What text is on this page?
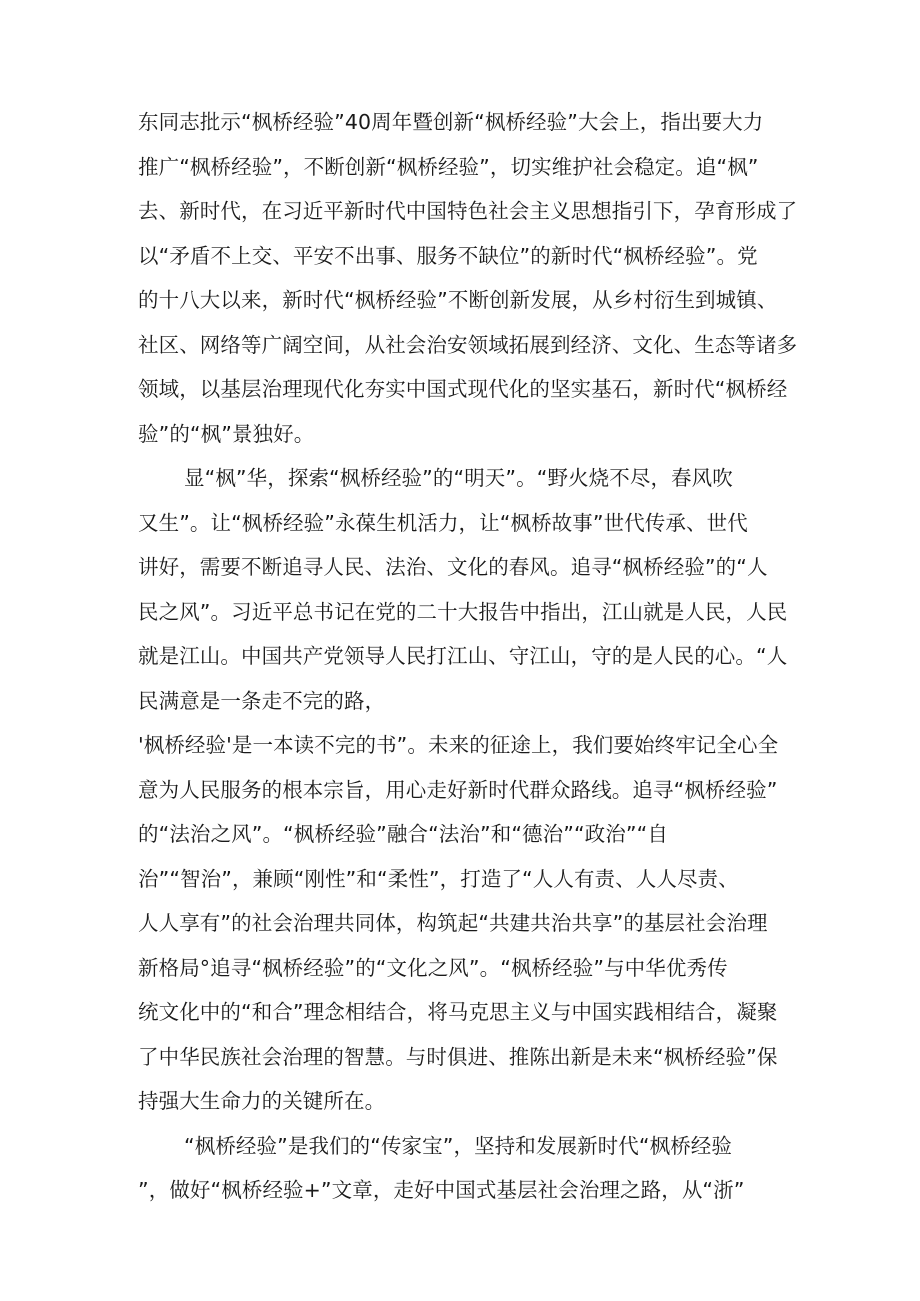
东同志批示“枫桥经验”40周年暨创新“枫桥经验”大会上，指出要大力
推广“枫桥经验”，不断创新“枫桥经验”，切实维护社会稳定。追“枫”
去、新时代，在习近平新时代中国特色社会主义思想指引下，孕育形成了
以“矛盾不上交、平安不出事、服务不缺位”的新时代“枫桥经验”。党
的十八大以来，新时代“枫桥经验”不断创新发展，从乡村衍生到城镇、
社区、网络等广阔空间，从社会治安领域拓展到经济、文化、生态等诸多
领域，以基层治理现代化夯实中国式现代化的坚实基石，新时代“枫桥经
验”的“枫”景独好。
显“枫”华，探索“枫桥经验”的“明天”。“野火烧不尽，春风吹
又生”。让“枫桥经验”永葆生机活力，让“枫桥故事”世代传承、世代
讲好，需要不断追寻人民、法治、文化的春风。追寻“枫桥经验”的“人
民之风”。习近平总书记在党的二十大报告中指出，江山就是人民，人民
就是江山。中国共产党领导人民打江山、守江山，守的是人民的心。“人
民满意是一条走不完的路，
'枫桥经验'是一本读不完的书”。未来的征途上，我们要始终牢记全心全
意为人民服务的根本宗旨，用心走好新时代群众路线。追寻“枫桥经验”
的“法治之风”。“枫桥经验”融合“法治”和“德治”“政治”“自
治”“智治”，兼顾“刚性”和“柔性”，打造了“人人有责、人人尽责、
人人享有”的社会治理共同体，构筑起“共建共治共享”的基层社会治理
新格局°追寻“枫桥经验”的“文化之风”。“枫桥经验”与中华优秀传
统文化中的“和合”理念相结合，将马克思主义与中国实践相结合，凝聚
了中华民族社会治理的智慧。与时俱进、推陈出新是未来“枫桥经验”保
持强大生命力的关键所在。
“枫桥经验”是我们的“传家宝”，坚持和发展新时代“枫桥经验
”，做好“枫桥经验+”文章，走好中国式基层社会治理之路，从“浙”
